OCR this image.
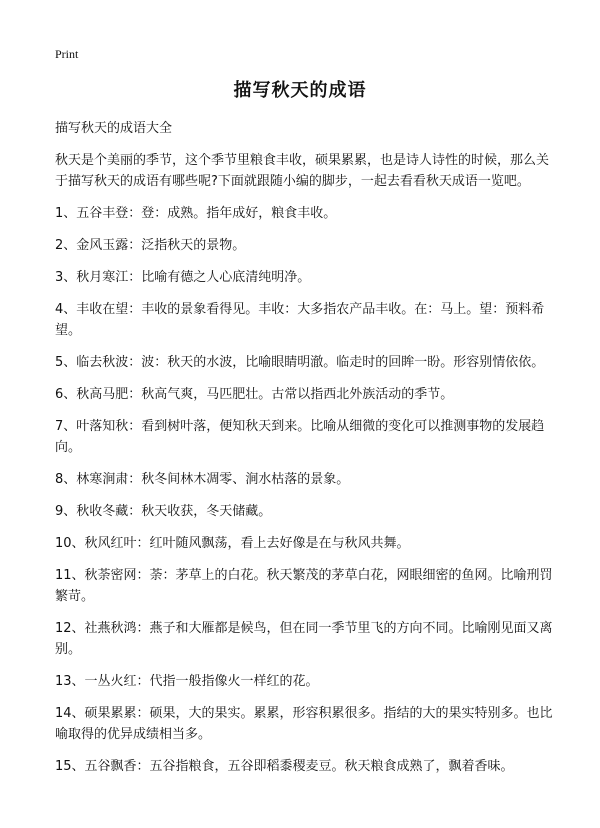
Print
描写秋天的成语

描写秋天的成语大全

秋天是个美丽的季节，这个季节里粮食丰收，硕果累累，也是诗人诗性的时候，那么关于描写秋天的成语有哪些呢?下面就跟随小编的脚步，一起去看看秋天成语一览吧。

1、五谷丰登：登：成熟。指年成好，粮食丰收。

2、金风玉露：泛指秋天的景物。

3、秋月寒江：比喻有德之人心底清纯明净。

4、丰收在望：丰收的景象看得见。丰收：大多指农产品丰收。在：马上。望：预料希望。

5、临去秋波：波：秋天的水波，比喻眼睛明澈。临走时的回眸一盼。形容别情依依。

6、秋高马肥：秋高气爽，马匹肥壮。古常以指西北外族活动的季节。

7、叶落知秋：看到树叶落，便知秋天到来。比喻从细微的变化可以推测事物的发展趋向。

8、林寒涧肃：秋冬间林木凋零、涧水枯落的景象。

9、秋收冬藏：秋天收获，冬天储藏。

10、秋风红叶：红叶随风飘荡，看上去好像是在与秋风共舞。

11、秋荼密网：荼：茅草上的白花。秋天繁茂的茅草白花，网眼细密的鱼网。比喻刑罚繁苛。

12、社燕秋鸿：燕子和大雁都是候鸟，但在同一季节里飞的方向不同。比喻刚见面又离别。

13、一丛火红：代指一般指像火一样红的花。

14、硕果累累：硕果，大的果实。累累，形容积累很多。指结的大的果实特别多。也比喻取得的优异成绩相当多。

15、五谷飘香：五谷指粮食，五谷即稻黍稷麦豆。秋天粮食成熟了，飘着香味。
